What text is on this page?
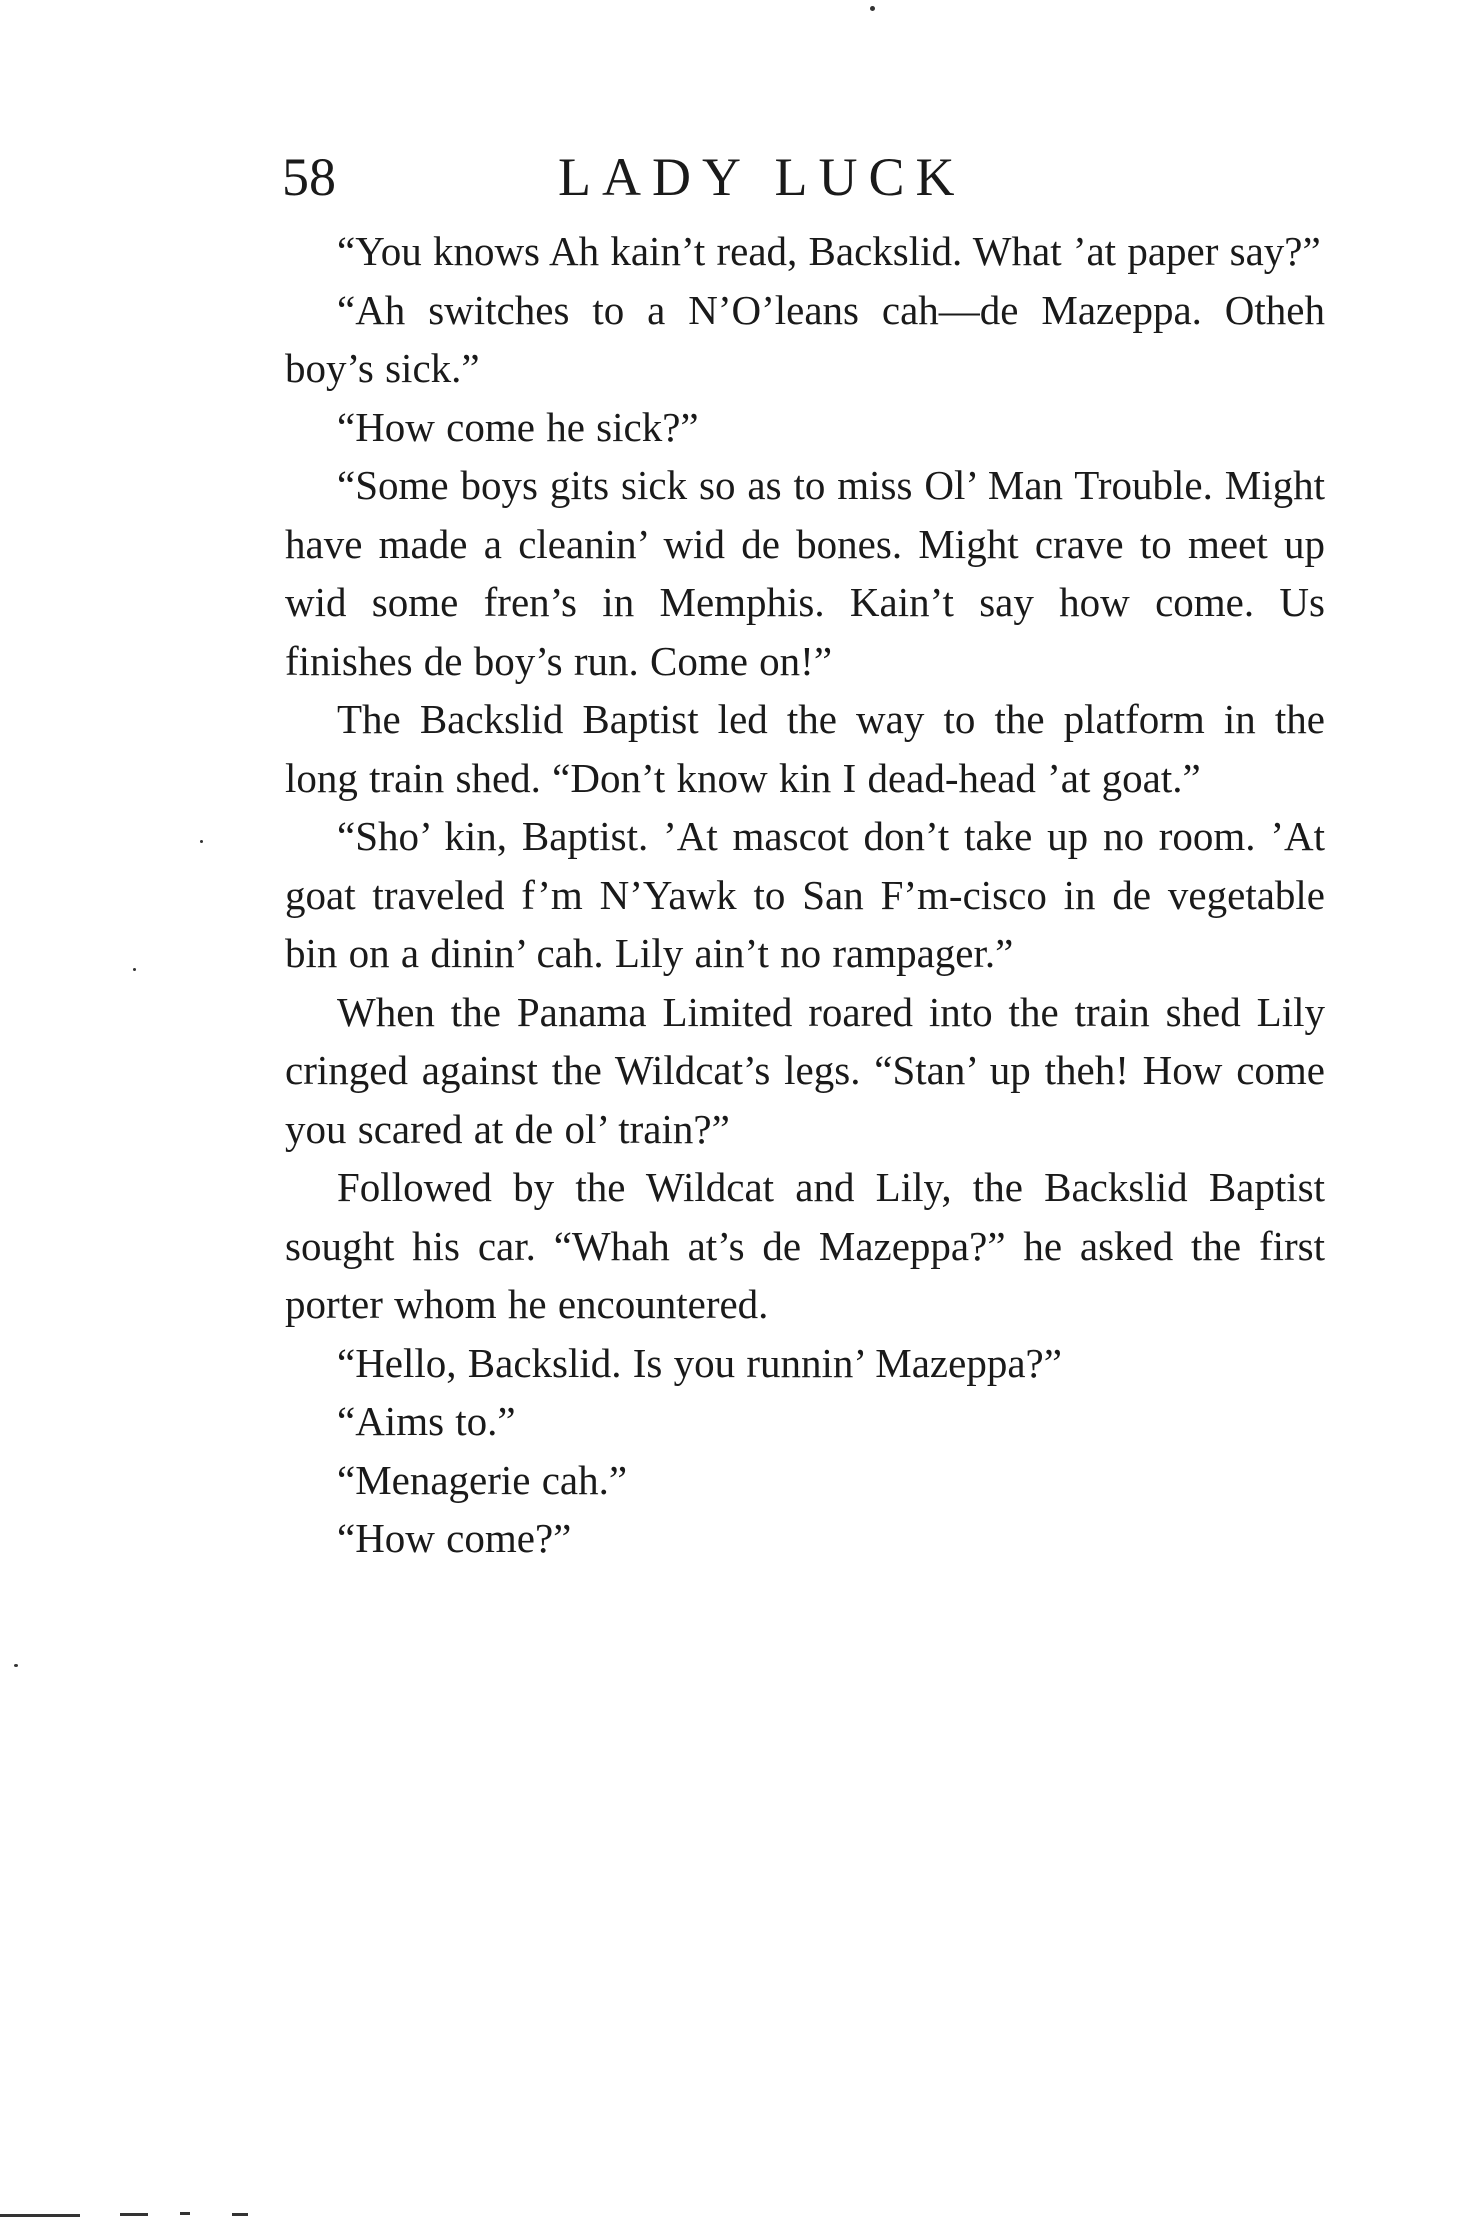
58	LADY LUCK

“You knows Ah kain’t read, Backslid. What ’at paper say?”

“Ah switches to a N’O’leans cah—de Mazeppa. Otheh boy’s sick.”

“How come he sick?”

“Some boys gits sick so as to miss Ol’ Man Trouble. Might have made a cleanin’ wid de bones. Might crave to meet up wid some fren’s in Memphis. Kain’t say how come. Us finishes de boy’s run. Come on!”

The Backslid Baptist led the way to the platform in the long train shed. “Don’t know kin I dead-head ’at goat.”

“Sho’ kin, Baptist. ’At mascot don’t take up no room. ’At goat traveled f’m N’Yawk to San F’m-cisco in de vegetable bin on a dinin’ cah. Lily ain’t no rampager.”

When the Panama Limited roared into the train shed Lily cringed against the Wildcat’s legs. “Stan’ up theh! How come you scared at de ol’ train?”

Followed by the Wildcat and Lily, the Backslid Baptist sought his car. “Whah at’s de Mazeppa?” he asked the first porter whom he encountered.

“Hello, Backslid. Is you runnin’ Mazeppa?”

“Aims to.”

“Menagerie cah.”

“How come?”
